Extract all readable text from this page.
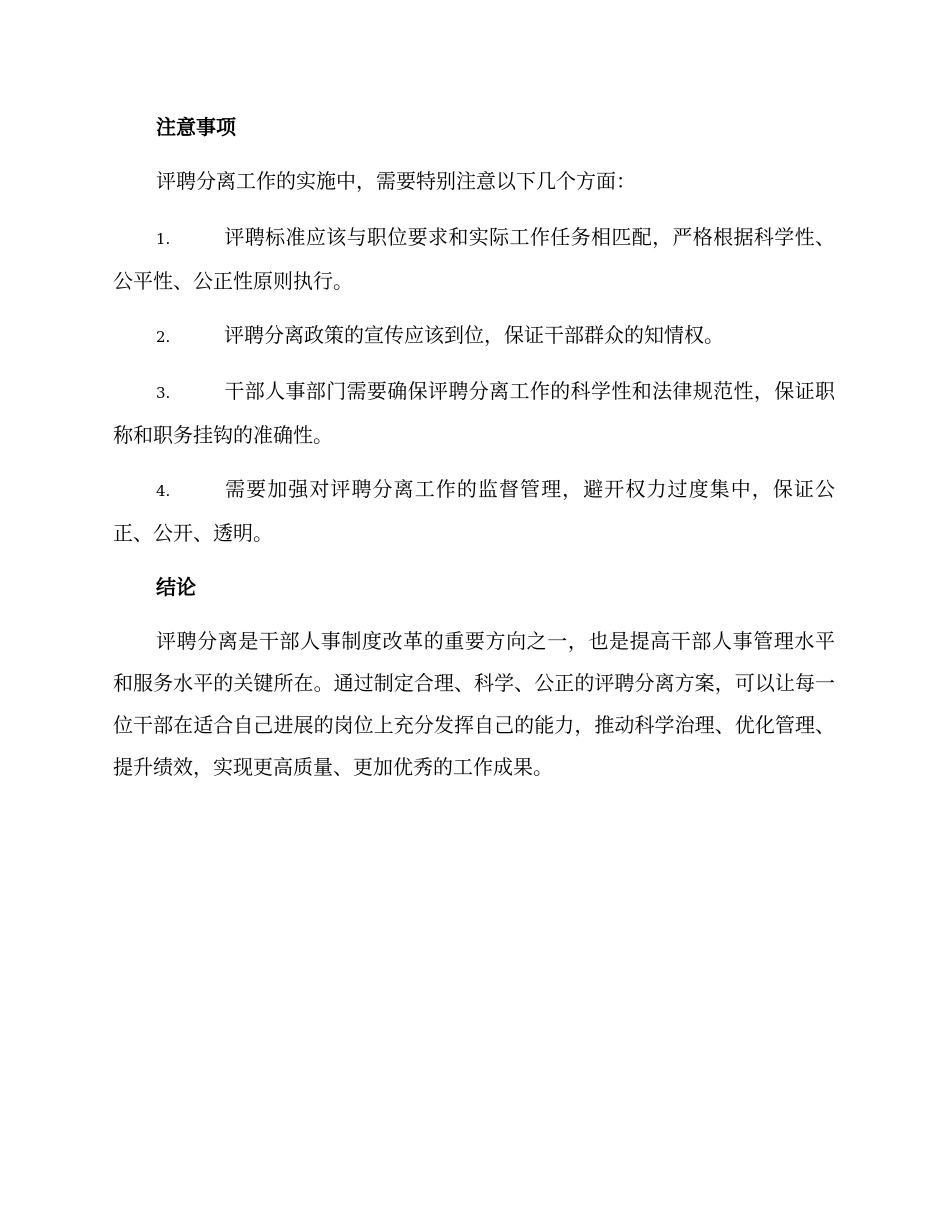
注意事项

评聘分离工作的实施中，需要特别注意以下几个方面：

1.	评聘标准应该与职位要求和实际工作任务相匹配，严格根据科学性、公平性、公正性原则执行。
2.	评聘分离政策的宣传应该到位，保证干部群众的知情权。
3.	干部人事部门需要确保评聘分离工作的科学性和法律规范性，保证职称和职务挂钩的准确性。
4.	需要加强对评聘分离工作的监督管理，避开权力过度集中，保证公正、公开、透明。
结论

评聘分离是干部人事制度改革的重要方向之一，也是提高干部人事管理水平和服务水平的关键所在。通过制定合理、科学、公正的评聘分离方案，可以让每一位干部在适合自己进展的岗位上充分发挥自己的能力，推动科学治理、优化管理、提升绩效，实现更高质量、更加优秀的工作成果。
